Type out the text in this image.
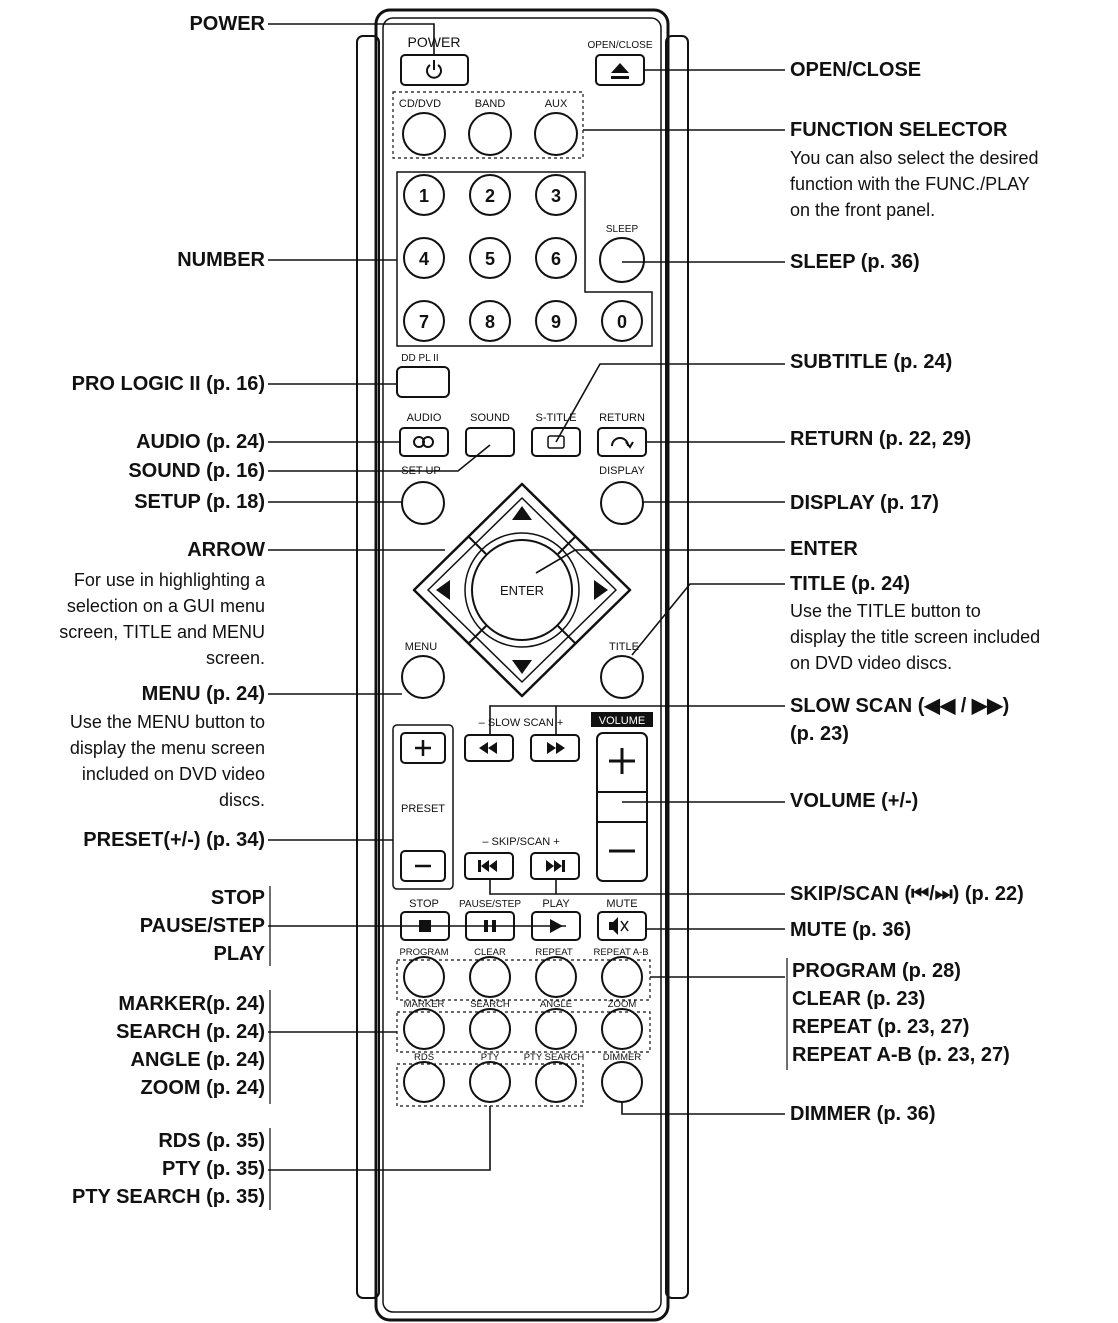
POWER	OPEN/CLOSE
CD/DVD	BAND	AUX
SLEEP
1	2	3
4	5	6
7	8	9	0
DD PL II
AUDIO	SOUND S-TITLE RETURN
SET UP	DISPLAY
ENTER
MENU	TITLE
– SLOW SCAN +	VOLUME
PRESET
– SKIP/SCAN +
STOP PAUSE/STEP PLAY	MUTE
PROGRAM	CLEAR	REPEAT REPEAT A-B
MARKER	SEARCH	ANGLE	ZOOM
RDS	PTY	PTY SEARCH DIMMER
POWER
NUMBER
PRO LOGIC II (p. 16)
AUDIO (p. 24)
SOUND (p. 16)
SETUP (p. 18)
ARROW
For use in highlighting a
selection on a GUI menu
screen, TITLE and MENU
screen.
MENU (p. 24)
Use the MENU button to
display the menu screen
included on DVD video
discs.
PRESET(+/-) (p. 34)
STOP
PAUSE/STEP
PLAY
MARKER(p. 24)
SEARCH (p. 24)
ANGLE (p. 24)
ZOOM (p. 24)
RDS (p. 35)
PTY (p. 35)
PTY SEARCH (p. 35)
OPEN/CLOSE
FUNCTION SELECTOR
You can also select the desired
function with the FUNC./PLAY
on the front panel.
SLEEP (p. 36)
SUBTITLE (p. 24)
RETURN (p. 22, 29)
DISPLAY (p. 17)
ENTER
TITLE (p. 24)
Use the TITLE button to
display the title screen included
on DVD video discs.
SLOW SCAN (◀◀ / ▶▶)
(p. 23)
VOLUME (+/-)
SKIP/SCAN (⏮/⏭) (p. 22)
MUTE (p. 36)
PROGRAM (p. 28)
CLEAR (p. 23)
REPEAT (p. 23, 27)
REPEAT A-B (p. 23, 27)
DIMMER (p. 36)
